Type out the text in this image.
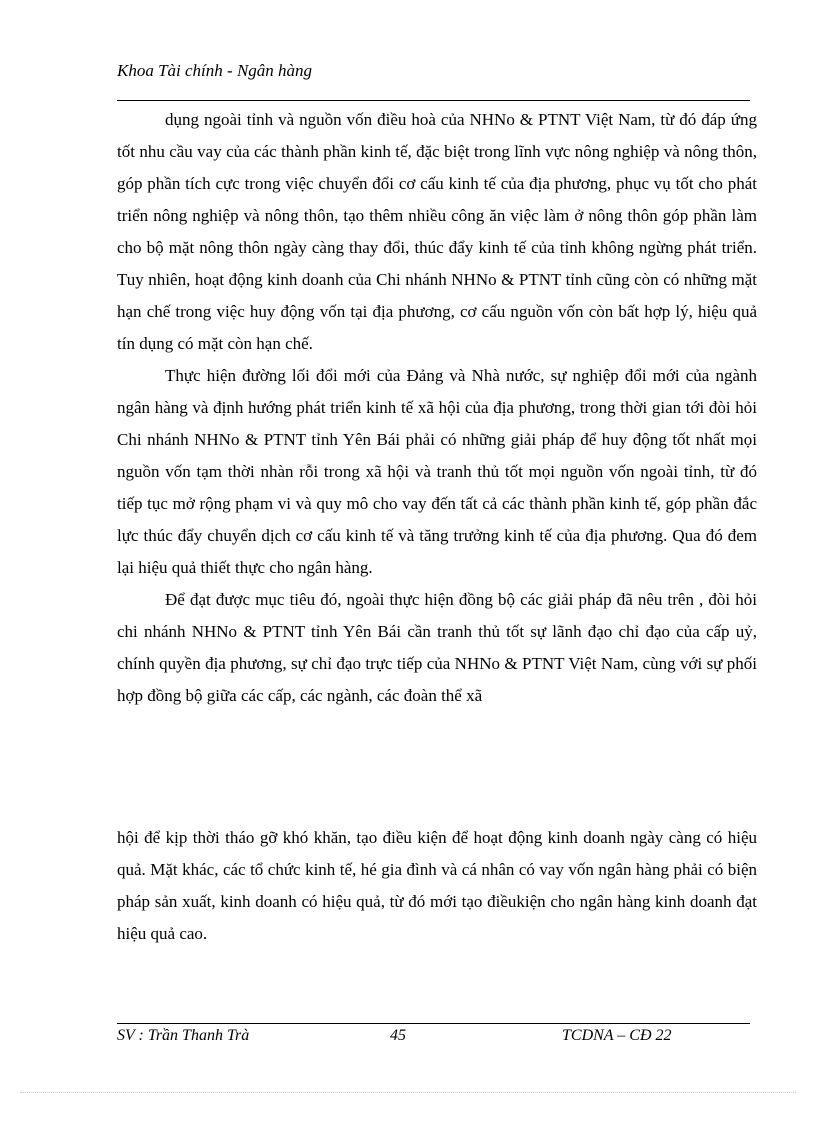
Khoa Tài chính - Ngân hàng

dụng ngoài tỉnh và nguồn vốn điều hoà của NHNo & PTNT Việt Nam, từ đó đáp ứng tốt nhu cầu vay của các thành phần kinh tế, đặc biệt trong lĩnh vực nông nghiệp và nông thôn, góp phần tích cực trong việc chuyển đổi cơ cấu kinh tế của địa phương, phục vụ tốt cho phát triển nông nghiệp và nông thôn, tạo thêm nhiều công ăn việc làm ở nông thôn góp phần làm cho bộ mặt nông thôn ngày càng thay đổi, thúc đẩy kinh tế của tỉnh không ngừng phát triển. Tuy nhiên, hoạt động kinh doanh của Chi nhánh NHNo & PTNT tỉnh cũng còn có những mặt hạn chế trong việc huy động vốn tại địa phương, cơ cấu nguồn vốn còn bất hợp lý, hiệu quả tín dụng có mặt còn hạn chế.

Thực hiện đường lối đổi mới của Đảng và Nhà nước, sự nghiệp đổi mới của ngành ngân hàng và định hướng phát triển kinh tế xã hội của địa phương, trong thời gian tới đòi hỏi Chi nhánh NHNo & PTNT tỉnh Yên Bái phải có những giải pháp để huy động tốt nhất mọi nguồn vốn tạm thời nhàn rỗi trong xã hội và tranh thủ tốt mọi nguồn vốn ngoài tỉnh, từ đó tiếp tục mở rộng phạm vi và quy mô cho vay đến tất cả các thành phần kinh tế, góp phần đắc lực thúc đẩy chuyển dịch cơ cấu kinh tế và tăng trưởng kinh tế của địa phương. Qua đó đem lại hiệu quả thiết thực cho ngân hàng.

Để đạt được mục tiêu đó, ngoài thực hiện đồng bộ các giải pháp đã nêu trên , đòi hỏi chi nhánh NHNo & PTNT tỉnh Yên Bái cần tranh thủ tốt sự lãnh đạo chỉ đạo của cấp uỷ, chính quyền địa phương, sự chỉ đạo trực tiếp của NHNo & PTNT Việt Nam, cùng với sự phối hợp đồng bộ giữa các cấp, các ngành, các đoàn thể xã

hội để kịp thời tháo gỡ khó khăn, tạo điều kiện để hoạt động kinh doanh ngày càng có hiệu quả. Mặt khác, các tổ chức kinh tế, hé gia đình và cá nhân có vay vốn ngân hàng phải có biện pháp sản xuất, kinh doanh có hiệu quả, từ đó mới tạo điềukiện cho ngân hàng kinh doanh đạt hiệu quả cao.

SV : Trần Thanh Trà	45	TCDNA – CĐ 22
